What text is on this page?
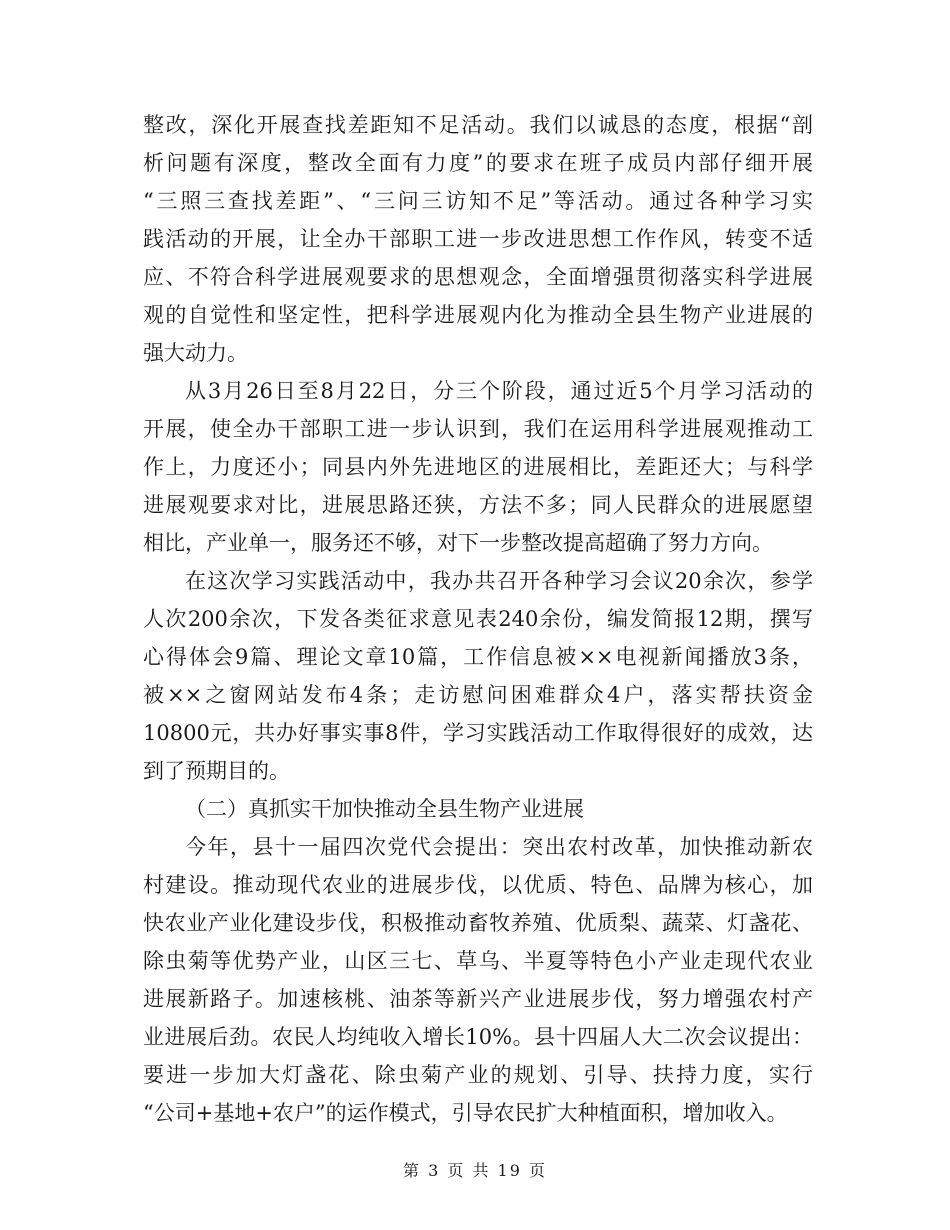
整改，深化开展查找差距知不足活动。我们以诚恳的态度，根据“剖
析问题有深度，整改全面有力度”的要求在班子成员内部仔细开展
“三照三查找差距”、“三问三访知不足”等活动。通过各种学习实
践活动的开展，让全办干部职工进一步改进思想工作作风，转变不适
应、不符合科学进展观要求的思想观念，全面增强贯彻落实科学进展
观的自觉性和坚定性，把科学进展观内化为推动全县生物产业进展的
强大动力。
从3月26日至8月22日，分三个阶段，通过近5个月学习活动的
开展，使全办干部职工进一步认识到，我们在运用科学进展观推动工
作上，力度还小；同县内外先进地区的进展相比，差距还大；与科学
进展观要求对比，进展思路还狭，方法不多；同人民群众的进展愿望
相比，产业单一，服务还不够，对下一步整改提高超确了努力方向。
在这次学习实践活动中，我办共召开各种学习会议20余次，参学
人次200余次，下发各类征求意见表240余份，编发简报12期，撰写
心得体会9篇、理论文章10篇，工作信息被××电视新闻播放3条，
被××之窗网站发布4条；走访慰问困难群众4户，落实帮扶资金
10800元，共办好事实事8件，学习实践活动工作取得很好的成效，达
到了预期目的。
（二）真抓实干加快推动全县生物产业进展
今年，县十一届四次党代会提出：突出农村改革，加快推动新农
村建设。推动现代农业的进展步伐，以优质、特色、品牌为核心，加
快农业产业化建设步伐，积极推动畜牧养殖、优质梨、蔬菜、灯盏花、
除虫菊等优势产业，山区三七、草乌、半夏等特色小产业走现代农业
进展新路子。加速核桃、油茶等新兴产业进展步伐，努力增强农村产
业进展后劲。农民人均纯收入增长10%。县十四届人大二次会议提出：
要进一步加大灯盏花、除虫菊产业的规划、引导、扶持力度，实行
“公司+基地+农户”的运作模式，引导农民扩大种植面积，增加收入。
第 3 页 共 19 页
